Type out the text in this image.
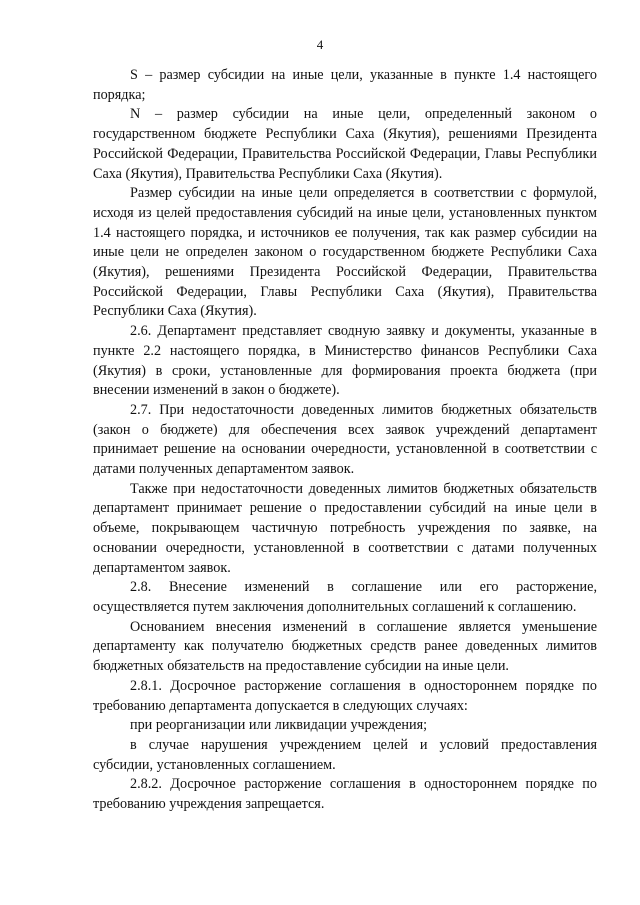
4

S – размер субсидии на иные цели, указанные в пункте 1.4 настоящего порядка;

N – размер субсидии на иные цели, определенный законом о государственном бюджете Республики Саха (Якутия), решениями Президента Российской Федерации, Правительства Российской Федерации, Главы Республики Саха (Якутия), Правительства Республики Саха (Якутия).

Размер субсидии на иные цели определяется в соответствии с формулой, исходя из целей предоставления субсидий на иные цели, установленных пунктом 1.4 настоящего порядка, и источников ее получения, так как размер субсидии на иные цели не определен законом о государственном бюджете Республики Саха (Якутия), решениями Президента Российской Федерации, Правительства Российской Федерации, Главы Республики Саха (Якутия), Правительства Республики Саха (Якутия).

2.6. Департамент представляет сводную заявку и документы, указанные в пункте 2.2 настоящего порядка, в Министерство финансов Республики Саха (Якутия) в сроки, установленные для формирования проекта бюджета (при внесении изменений в закон о бюджете).

2.7. При недостаточности доведенных лимитов бюджетных обязательств (закон о бюджете) для обеспечения всех заявок учреждений департамент принимает решение на основании очередности, установленной в соответствии с датами полученных департаментом заявок.

Также при недостаточности доведенных лимитов бюджетных обязательств департамент принимает решение о предоставлении субсидий на иные цели в объеме, покрывающем частичную потребность учреждения по заявке, на основании очередности, установленной в соответствии с датами полученных департаментом заявок.

2.8. Внесение изменений в соглашение или его расторжение, осуществляется путем заключения дополнительных соглашений к соглашению.

Основанием внесения изменений в соглашение является уменьшение департаменту как получателю бюджетных средств ранее доведенных лимитов бюджетных обязательств на предоставление субсидии на иные цели.

2.8.1. Досрочное расторжение соглашения в одностороннем порядке по требованию департамента допускается в следующих случаях:

при реорганизации или ликвидации учреждения;

в случае нарушения учреждением целей и условий предоставления субсидии, установленных соглашением.

2.8.2. Досрочное расторжение соглашения в одностороннем порядке по требованию учреждения запрещается.
